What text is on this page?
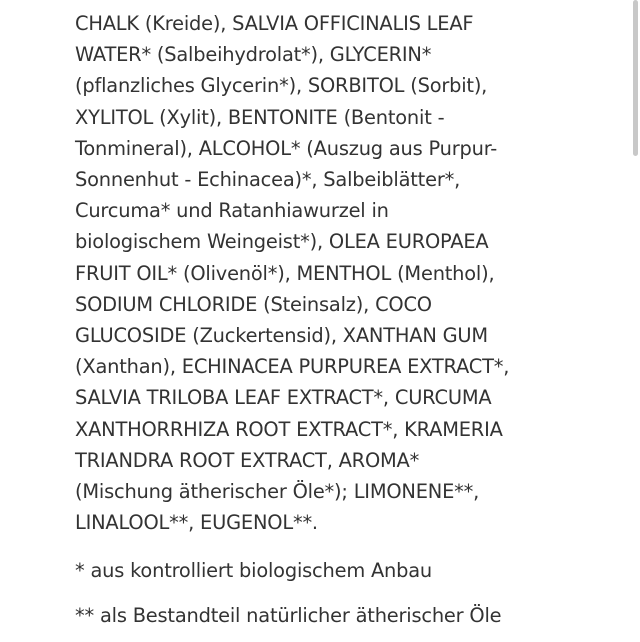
CHALK (Kreide), SALVIA OFFICINALIS LEAF
WATER* (Salbeihydrolat*), GLYCERIN*
(pflanzliches Glycerin*), SORBITOL (Sorbit),
XYLITOL (Xylit), BENTONITE (Bentonit -
Tonmineral), ALCOHOL* (Auszug aus Purpur-
Sonnenhut - Echinacea)*, Salbeiblätter*,
Curcuma* und Ratanhiawurzel in
biologischem Weingeist*), OLEA EUROPAEA
FRUIT OIL* (Olivenöl*), MENTHOL (Menthol),
SODIUM CHLORIDE (Steinsalz), COCO
GLUCOSIDE (Zuckertensid), XANTHAN GUM
(Xanthan), ECHINACEA PURPUREA EXTRACT*,
SALVIA TRILOBA LEAF EXTRACT*, CURCUMA
XANTHORRHIZA ROOT EXTRACT*, KRAMERIA
TRIANDRA ROOT EXTRACT, AROMA*
(Mischung ätherischer Öle*); LIMONENE**,
LINALOOL**, EUGENOL**.

* aus kontrolliert biologischem Anbau

** als Bestandteil natürlicher ätherischer Öle
